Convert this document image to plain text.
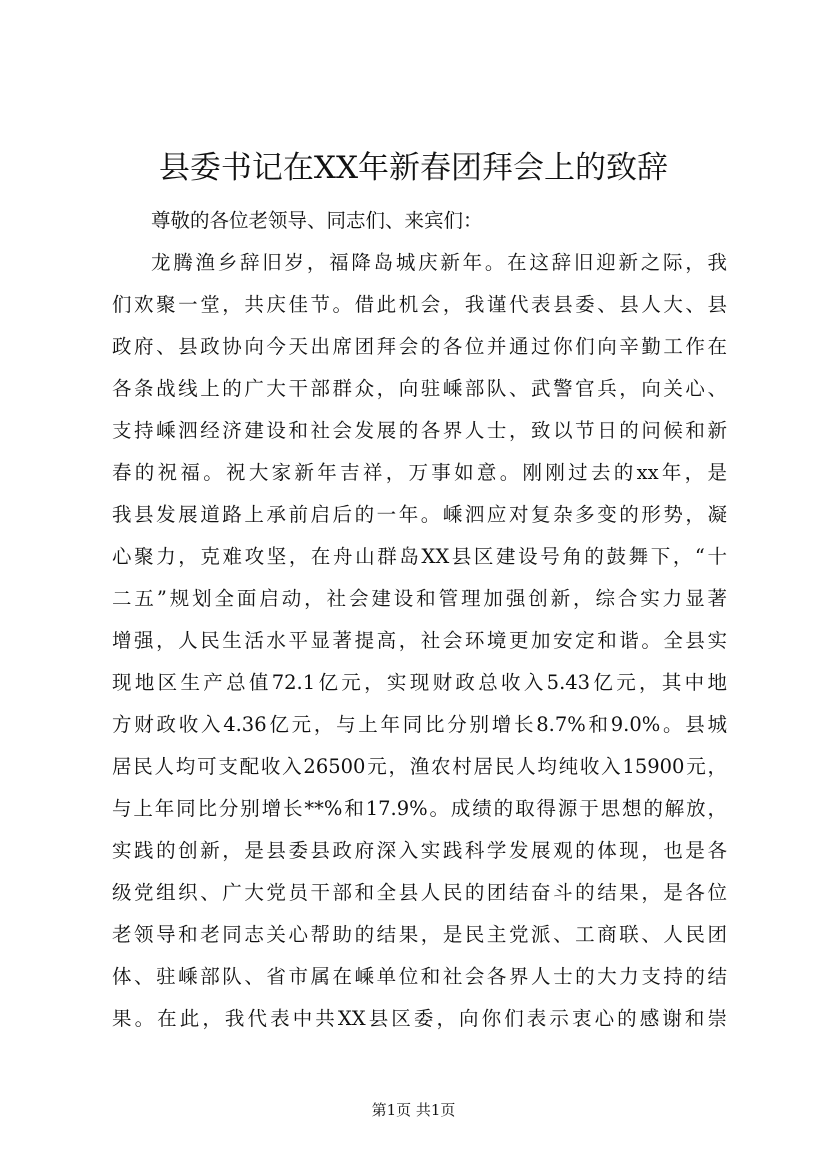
县委书记在XX年新春团拜会上的致辞
尊敬的各位老领导、同志们、来宾们：
龙腾渔乡辞旧岁，福降岛城庆新年。在这辞旧迎新之际，我
们欢聚一堂，共庆佳节。借此机会，我谨代表县委、县人大、县
政府、县政协向今天出席团拜会的各位并通过你们向辛勤工作在
各条战线上的广大干部群众，向驻嵊部队、武警官兵，向关心、
支持嵊泗经济建设和社会发展的各界人士，致以节日的问候和新
春的祝福。祝大家新年吉祥，万事如意。刚刚过去的xx年，是
我县发展道路上承前启后的一年。嵊泗应对复杂多变的形势，凝
心聚力，克难攻坚，在舟山群岛XX县区建设号角的鼓舞下，“十
二五”规划全面启动，社会建设和管理加强创新，综合实力显著
增强，人民生活水平显著提高，社会环境更加安定和谐。全县实
现地区生产总值72.1亿元，实现财政总收入5.43亿元，其中地
方财政收入4.36亿元，与上年同比分别增长8.7%和9.0%。县城
居民人均可支配收入26500元，渔农村居民人均纯收入15900元，
与上年同比分别增长**%和17.9%。成绩的取得源于思想的解放，
实践的创新，是县委县政府深入实践科学发展观的体现，也是各
级党组织、广大党员干部和全县人民的团结奋斗的结果，是各位
老领导和老同志关心帮助的结果，是民主党派、工商联、人民团
体、驻嵊部队、省市属在嵊单位和社会各界人士的大力支持的结
果。在此，我代表中共XX县区委，向你们表示衷心的感谢和崇
第1页 共1页
